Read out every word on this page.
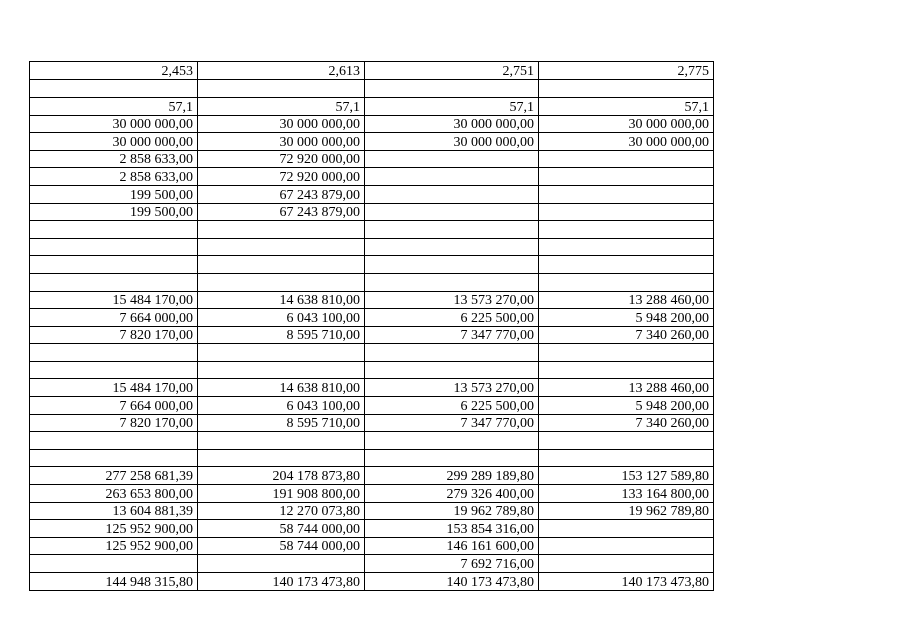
2,453	2,613	2,751	2,775

57,1	57,1	57,1	57,1
30 000 000,00	30 000 000,00	30 000 000,00	30 000 000,00
30 000 000,00	30 000 000,00	30 000 000,00	30 000 000,00
2 858 633,00	72 920 000,00		
2 858 633,00	72 920 000,00		
199 500,00	67 243 879,00		
199 500,00	67 243 879,00		

15 484 170,00	14 638 810,00	13 573 270,00	13 288 460,00
7 664 000,00	6 043 100,00	6 225 500,00	5 948 200,00
7 820 170,00	8 595 710,00	7 347 770,00	7 340 260,00

15 484 170,00	14 638 810,00	13 573 270,00	13 288 460,00
7 664 000,00	6 043 100,00	6 225 500,00	5 948 200,00
7 820 170,00	8 595 710,00	7 347 770,00	7 340 260,00

277 258 681,39	204 178 873,80	299 289 189,80	153 127 589,80
263 653 800,00	191 908 800,00	279 326 400,00	133 164 800,00
13 604 881,39	12 270 073,80	19 962 789,80	19 962 789,80
125 952 900,00	58 744 000,00	153 854 316,00	
125 952 900,00	58 744 000,00	146 161 600,00	
		7 692 716,00	
144 948 315,80	140 173 473,80	140 173 473,80	140 173 473,80
